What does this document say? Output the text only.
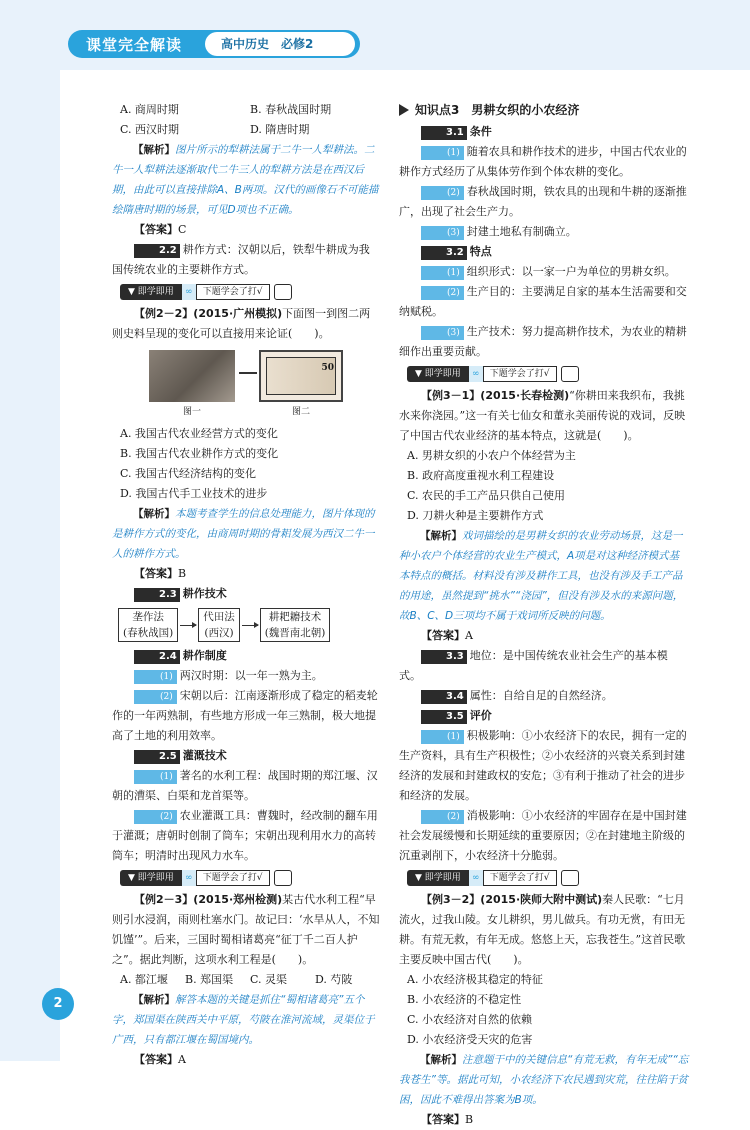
课堂完全解读	高中历史　必修2
2
A. 商周时期	B. 春秋战国时期
C. 西汉时期	D. 隋唐时期

【解析】图片所示的犁耕法属于二牛一人犁耕法。二牛一人犁耕法逐渐取代二牛三人的犁耕方法是在西汉后期，由此可以直接排除A、B两项。汉代的画像石不可能描绘隋唐时期的场景，可见D项也不正确。

【答案】C

2.2 耕作方式：汉朝以后，铁犁牛耕成为我国传统农业的主要耕作方式。

▼ 即学即用	∞	下题学会了打√

【例2－2】(2015·广州模拟)下面图一到图二两则史料呈现的变化可以直接用来论证(　　)。

图一
50
图二

A. 我国古代农业经营方式的变化

B. 我国古代农业耕作方式的变化

C. 我国古代经济结构的变化

D. 我国古代手工业技术的进步

【解析】本题考查学生的信息处理能力，图片体现的是耕作方式的变化，由商周时期的骨耜发展为西汉二牛一人的耕作方式。

【答案】B

2.3 耕作技术

垄作法
(春秋战国)
代田法
(西汉)
耕耙耱技术
(魏晋南北朝)

2.4 耕作制度

(1) 两汉时期：以一年一熟为主。

(2) 宋朝以后：江南逐渐形成了稳定的稻麦轮作的一年两熟制，有些地方形成一年三熟制，极大地提高了土地的利用效率。

2.5 灌溉技术

(1) 著名的水利工程：战国时期的郑江堰、汉朝的漕渠、白渠和龙首渠等。

(2) 农业灌溉工具：曹魏时，经改制的翻车用于灌溉；唐朝时创制了筒车；宋朝出现利用水力的高转筒车；明清时出现风力水车。

▼ 即学即用	∞	下题学会了打√

【例2－3】(2015·郑州检测)某古代水利工程“早则引水浸润，雨则杜塞水门。故记曰：‘水旱从人，不知饥馑’”。后来，三国时蜀相诸葛亮“征丁千二百人护之”。据此判断，这项水利工程是(　　)。

A. 都江堰	B. 郑国渠	C. 灵渠	D. 芍陂

【解析】解答本题的关键是抓住“蜀相诸葛亮”五个字，郑国渠在陕西关中平原，芍陂在淮河流域，灵渠位于广西，只有都江堰在蜀国境内。

【答案】A

知识点3　男耕女织的小农经济

3.1 条件

(1) 随着农具和耕作技术的进步，中国古代农业的耕作方式经历了从集体劳作到个体农耕的变化。

(2) 春秋战国时期，铁农具的出现和牛耕的逐渐推广，出现了社会生产力。

(3) 封建土地私有制确立。

3.2 特点

(1) 组织形式：以一家一户为单位的男耕女织。

(2) 生产目的：主要满足自家的基本生活需要和交纳赋税。

(3) 生产技术：努力提高耕作技术，为农业的精耕细作出重要贡献。

▼ 即学即用	∞	下题学会了打√

【例3－1】(2015·长春检测)“你耕田来我织布，我挑水来你浇园。”这一有关七仙女和董永美丽传说的戏词，反映了中国古代农业经济的基本特点，这就是(　　)。

A. 男耕女织的小农户个体经营为主

B. 政府高度重视水利工程建设

C. 农民的手工产品只供自己使用

D. 刀耕火种是主要耕作方式

【解析】戏词描绘的是男耕女织的农业劳动场景，这是一种小农户个体经营的农业生产模式，A项是对这种经济模式基本特点的概括。材料没有涉及耕作工具，也没有涉及手工产品的用途，虽然提到“挑水”“浇园”，但没有涉及水的来源问题，故B、C、D三项均不属于戏词所反映的问题。

【答案】A

3.3 地位：是中国传统农业社会生产的基本模式。

3.4 属性：自给自足的自然经济。

3.5 评价

(1) 积极影响：①小农经济下的农民，拥有一定的生产资料，具有生产积极性；②小农经济的兴衰关系到封建经济的发展和封建政权的安危；③有利于推动了社会的进步和经济的发展。

(2) 消极影响：①小农经济的牢固存在是中国封建社会发展缓慢和长期延续的重要原因；②在封建地主阶级的沉重剥削下，小农经济十分脆弱。

▼ 即学即用	∞	下题学会了打√

【例3－2】(2015·陕师大附中测试)秦人民歌：“七月流火，过我山陵。女儿耕织，男儿做兵。有功无赏，有田无耕。有荒无救，有年无成。悠悠上天，忘我苍生。”这首民歌主要反映中国古代(　　)。

A. 小农经济极其稳定的特征

B. 小农经济的不稳定性

C. 小农经济对自然的依赖

D. 小农经济受天灾的危害

【解析】注意题干中的关键信息“有荒无救，有年无成”“忘我苍生”等。据此可知，小农经济下农民遇到灾荒，往往陷于贫困，因此不难得出答案为B项。

【答案】B
